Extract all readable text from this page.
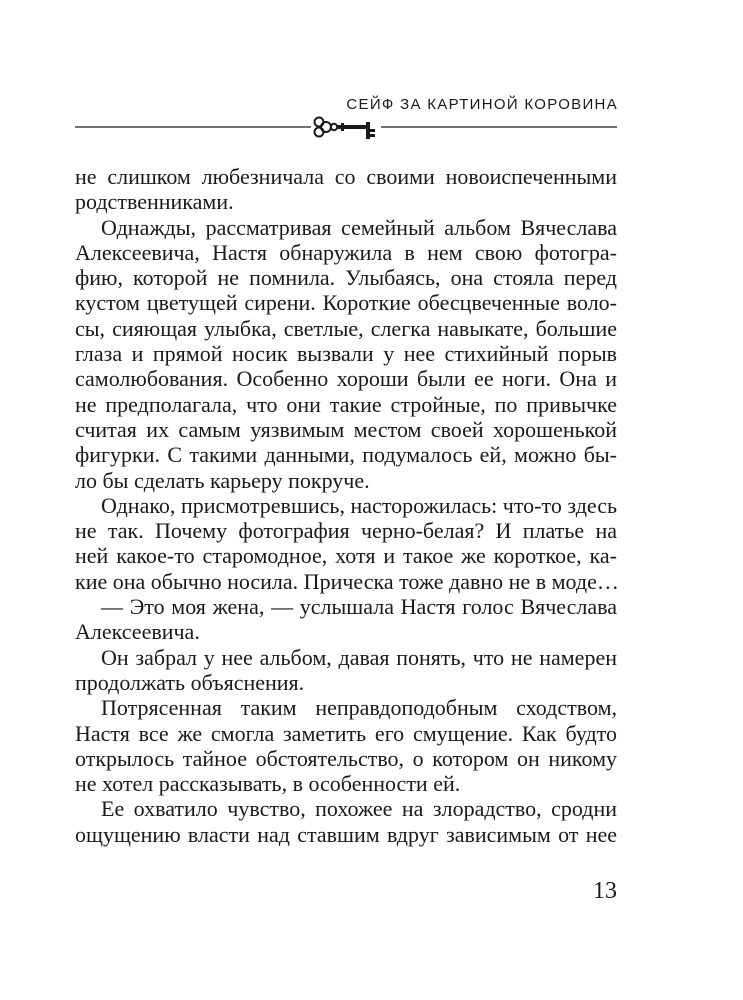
СЕЙФ ЗА КАРТИНОЙ КОРОВИНА

не слишком любезничала со своими новоиспеченными

родственниками.

Однажды, рассматривая семейный альбом Вячеслава

Алексеевича, Настя обнаружила в нем свою фотогра-

фию, которой не помнила. Улыбаясь, она стояла перед

кустом цветущей сирени. Короткие обесцвеченные воло-

сы, сияющая улыбка, светлые, слегка навыкате, большие

глаза и прямой носик вызвали у нее стихийный порыв

самолюбования. Особенно хороши были ее ноги. Она и

не предполагала, что они такие стройные, по привычке

считая их самым уязвимым местом своей хорошенькой

фигурки. С такими данными, подумалось ей, можно бы-

ло бы сделать карьеру покруче.

Однако, присмотревшись, насторожилась: что-то здесь

не так. Почему фотография черно-белая? И платье на

ней какое-то старомодное, хотя и такое же короткое, ка-

кие она обычно носила. Прическа тоже давно не в моде…

— Это моя жена, — услышала Настя голос Вячеслава

Алексеевича.

Он забрал у нее альбом, давая понять, что не намерен

продолжать объяснения.

Потрясенная таким неправдоподобным сходством,

Настя все же смогла заметить его смущение. Как будто

открылось тайное обстоятельство, о котором он никому

не хотел рассказывать, в особенности ей.

Ее охватило чувство, похожее на злорадство, сродни

ощущению власти над ставшим вдруг зависимым от нее

13
